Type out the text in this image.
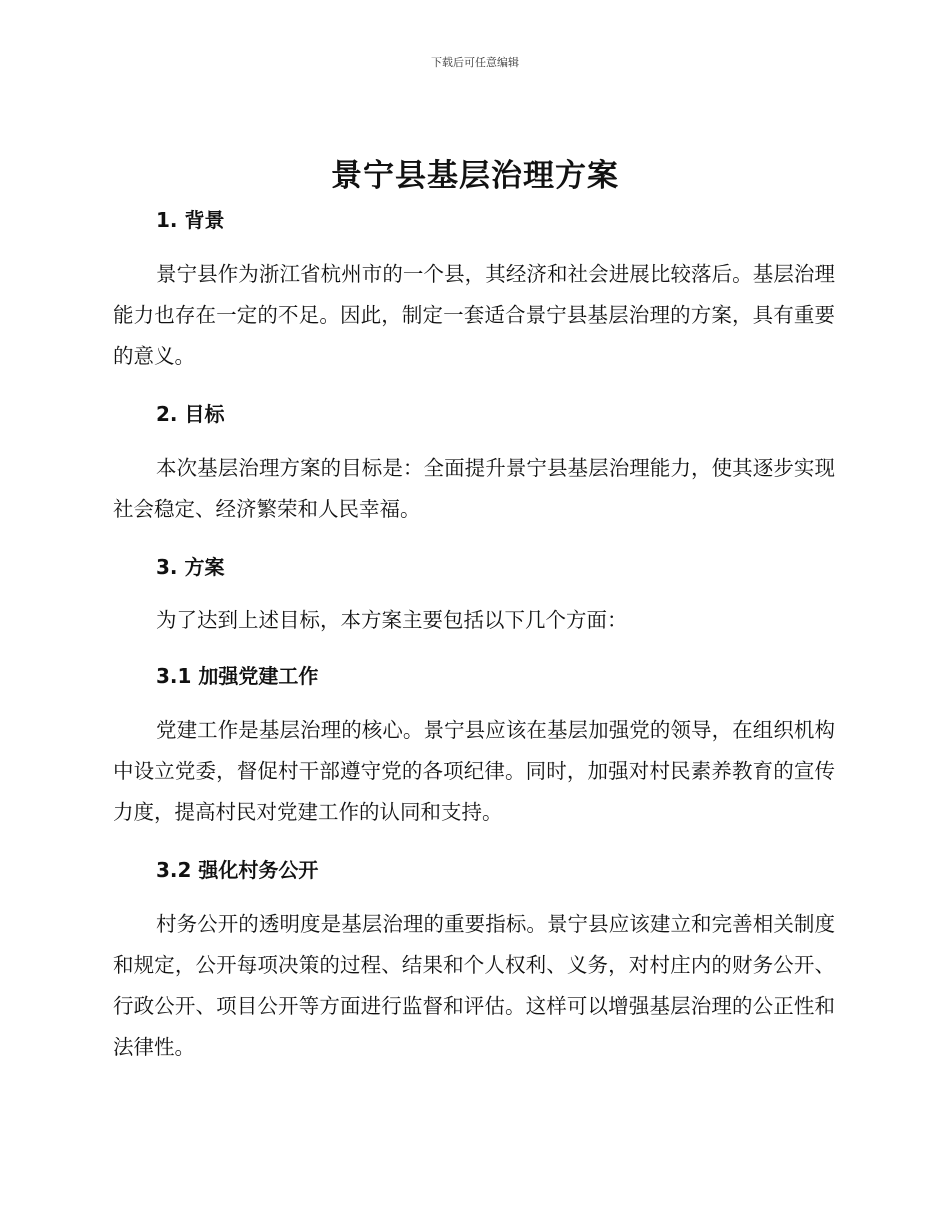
下载后可任意编辑
景宁县基层治理方案
1. 背景
景宁县作为浙江省杭州市的一个县，其经济和社会进展比较落后。基层治理能力也存在一定的不足。因此，制定一套适合景宁县基层治理的方案，具有重要的意义。
2. 目标
本次基层治理方案的目标是：全面提升景宁县基层治理能力，使其逐步实现社会稳定、经济繁荣和人民幸福。
3. 方案
为了达到上述目标，本方案主要包括以下几个方面：
3.1 加强党建工作
党建工作是基层治理的核心。景宁县应该在基层加强党的领导，在组织机构中设立党委，督促村干部遵守党的各项纪律。同时，加强对村民素养教育的宣传力度，提高村民对党建工作的认同和支持。
3.2 强化村务公开
村务公开的透明度是基层治理的重要指标。景宁县应该建立和完善相关制度和规定，公开每项决策的过程、结果和个人权利、义务，对村庄内的财务公开、行政公开、项目公开等方面进行监督和评估。这样可以增强基层治理的公正性和法律性。
